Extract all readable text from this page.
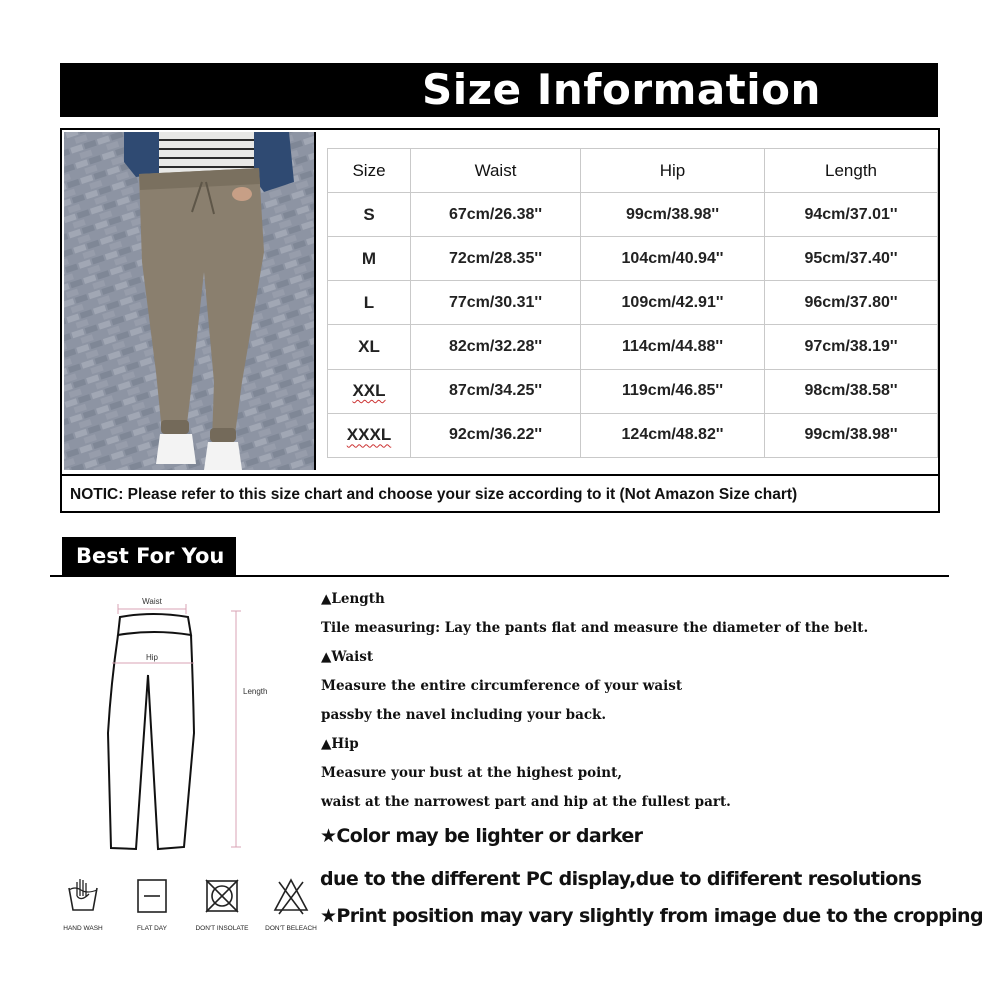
Size Information
Size	Waist	Hip	Length
S	67cm/26.38''	99cm/38.98''	94cm/37.01''
M	72cm/28.35''	104cm/40.94''	95cm/37.40''
L	77cm/30.31''	109cm/42.91''	96cm/37.80''
XL	82cm/32.28''	114cm/44.88''	97cm/38.19''
XXL	87cm/34.25''	119cm/46.85''	98cm/38.58''
XXXL	92cm/36.22''	124cm/48.82''	99cm/38.98''
NOTIC: Please refer to this size chart and choose your size according to it (Not Amazon Size chart)
Best For You
Waist
Hip
Length
HAND WASH	FLAT DAY	DON'T INSOLATE	DON'T BELEACH
▲Length
Tile measuring: Lay the pants flat and measure the diameter of the belt.
▲Waist
Measure the entire circumference of your waist
passby the navel including your back.
▲Hip
Measure your bust at the highest point,
waist at the narrowest part and hip at the fullest part.
★Color may be lighter or darker
due to the different PC display,due to dififerent resolutions
★Print position may vary slightly from image due to the cropping
